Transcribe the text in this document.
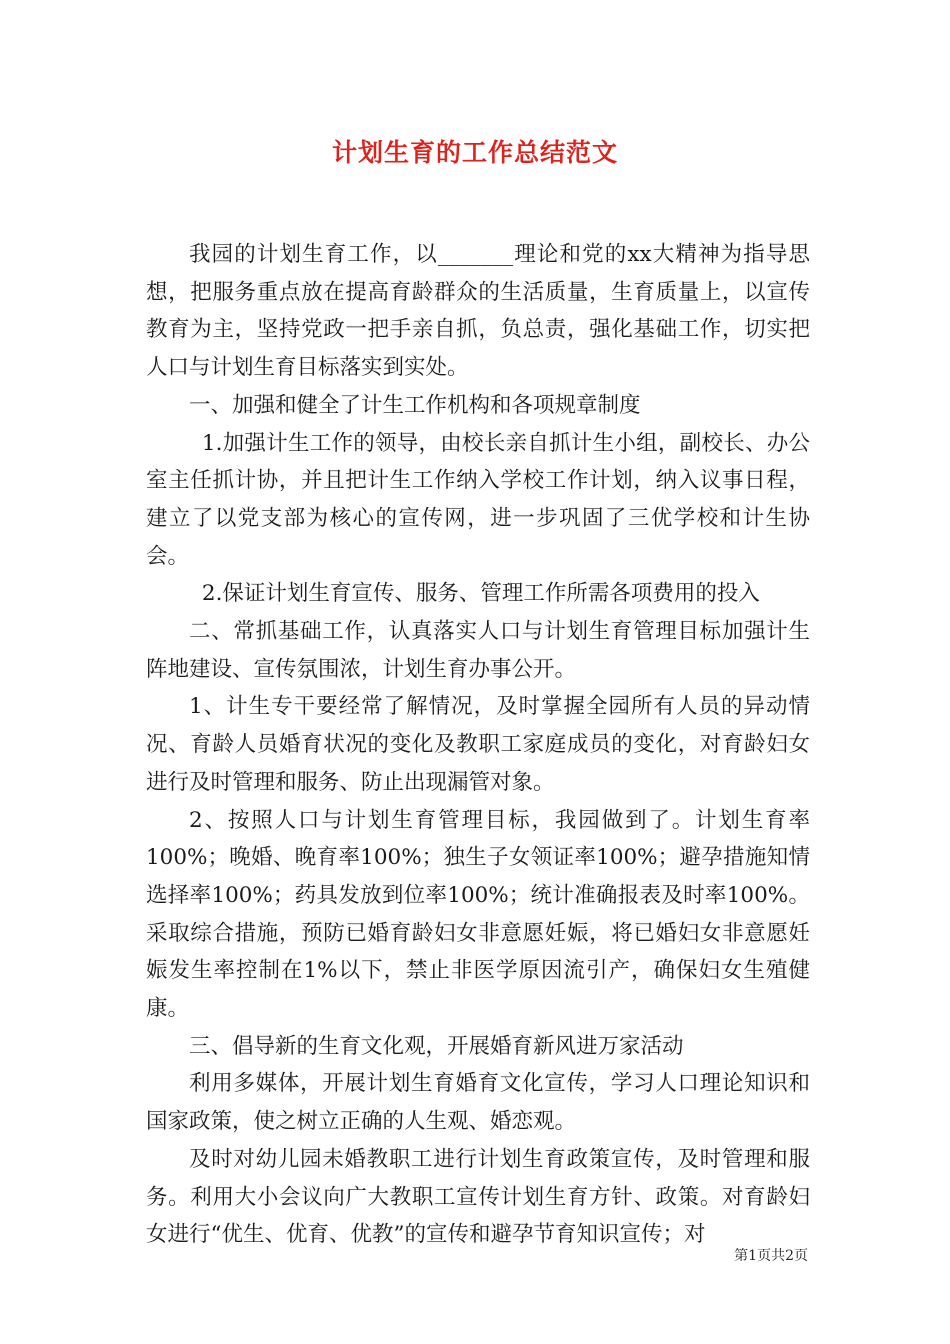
计划生育的工作总结范文

我园的计划生育工作，以_______理论和党的xx大精神为指导思想，把服务重点放在提高育龄群众的生活质量，生育质量上，以宣传教育为主，坚持党政一把手亲自抓，负总责，强化基础工作，切实把人口与计划生育目标落实到实处。

一、加强和健全了计生工作机构和各项规章制度

1.加强计生工作的领导，由校长亲自抓计生小组，副校长、办公室主任抓计协，并且把计生工作纳入学校工作计划，纳入议事日程，建立了以党支部为核心的宣传网，进一步巩固了三优学校和计生协会。

2.保证计划生育宣传、服务、管理工作所需各项费用的投入

二、常抓基础工作，认真落实人口与计划生育管理目标加强计生阵地建设、宣传氛围浓，计划生育办事公开。

1、计生专干要经常了解情况，及时掌握全园所有人员的异动情况、育龄人员婚育状况的变化及教职工家庭成员的变化，对育龄妇女进行及时管理和服务、防止出现漏管对象。

2、按照人口与计划生育管理目标，我园做到了。计划生育率100%；晚婚、晚育率100%；独生子女领证率100%；避孕措施知情选择率100%；药具发放到位率100%；统计准确报表及时率100%。采取综合措施，预防已婚育龄妇女非意愿妊娠，将已婚妇女非意愿妊娠发生率控制在1%以下，禁止非医学原因流引产，确保妇女生殖健康。

三、倡导新的生育文化观，开展婚育新风进万家活动

利用多媒体，开展计划生育婚育文化宣传，学习人口理论知识和国家政策，使之树立正确的人生观、婚恋观。

及时对幼儿园未婚教职工进行计划生育政策宣传，及时管理和服务。利用大小会议向广大教职工宣传计划生育方针、政策。对育龄妇女进行“优生、优育、优教”的宣传和避孕节育知识宣传；对

第1页共2页
